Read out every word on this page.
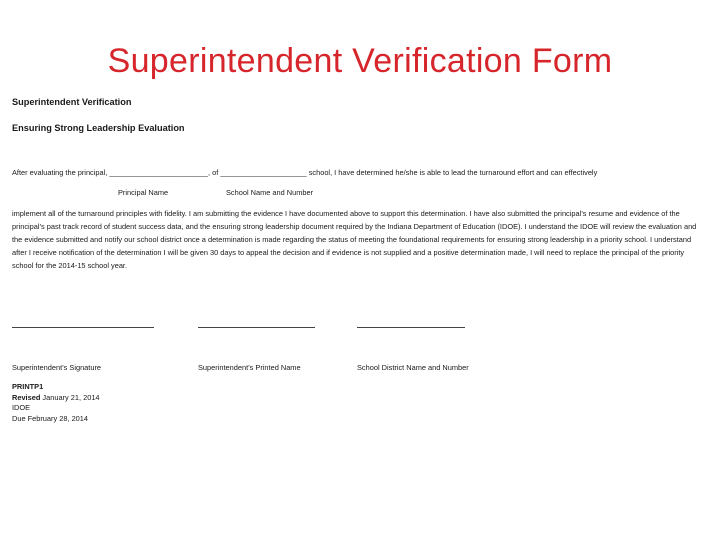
Superintendent Verification Form
Superintendent Verification
Ensuring Strong Leadership Evaluation
After evaluating the principal, ________________________, of _____________________ school, I have determined he/she is able to lead the turnaround effort and can effectively
Principal Name	School Name and Number
implement all of the turnaround principles with fidelity. I am submitting the evidence I have documented above to support this determination. I have also submitted the principal’s resume and evidence of the
principal’s past track record of student success data, and the ensuring strong leadership document required by the Indiana Department of Education (IDOE). I understand the IDOE will review the evaluation and
the evidence submitted and notify our school district once a determination is made regarding the status of meeting the foundational requirements for ensuring strong leadership in a priority school. I understand
after I receive notification of the determination I will be given 30 days to appeal the decision and if evidence is not supplied and a positive determination made, I will need to replace the principal of the priority
school for the 2014-15 school year.
Superintendent’s Signature	Superintendent’s Printed Name	School District Name and Number
PRINTP1
Revised January 21, 2014
IDOE
Due February 28, 2014
